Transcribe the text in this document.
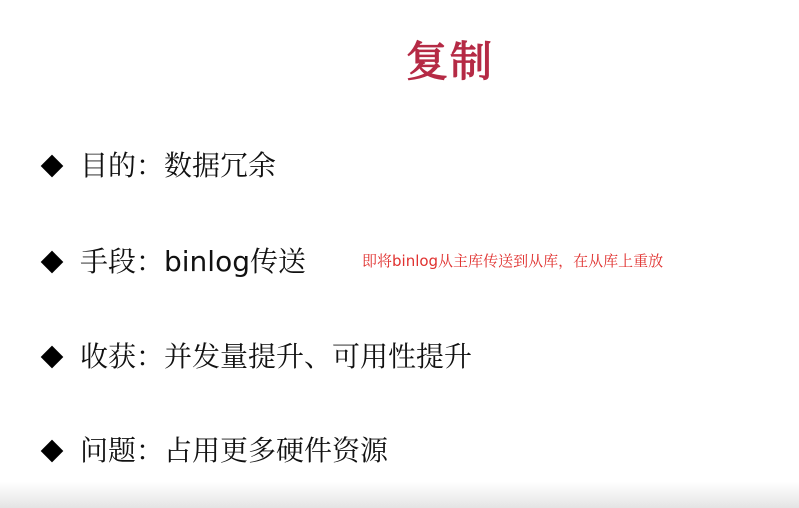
复制
目的：数据冗余
手段：binlog传送	即将binlog从主库传送到从库，在从库上重放
收获：并发量提升、可用性提升
问题：占用更多硬件资源
